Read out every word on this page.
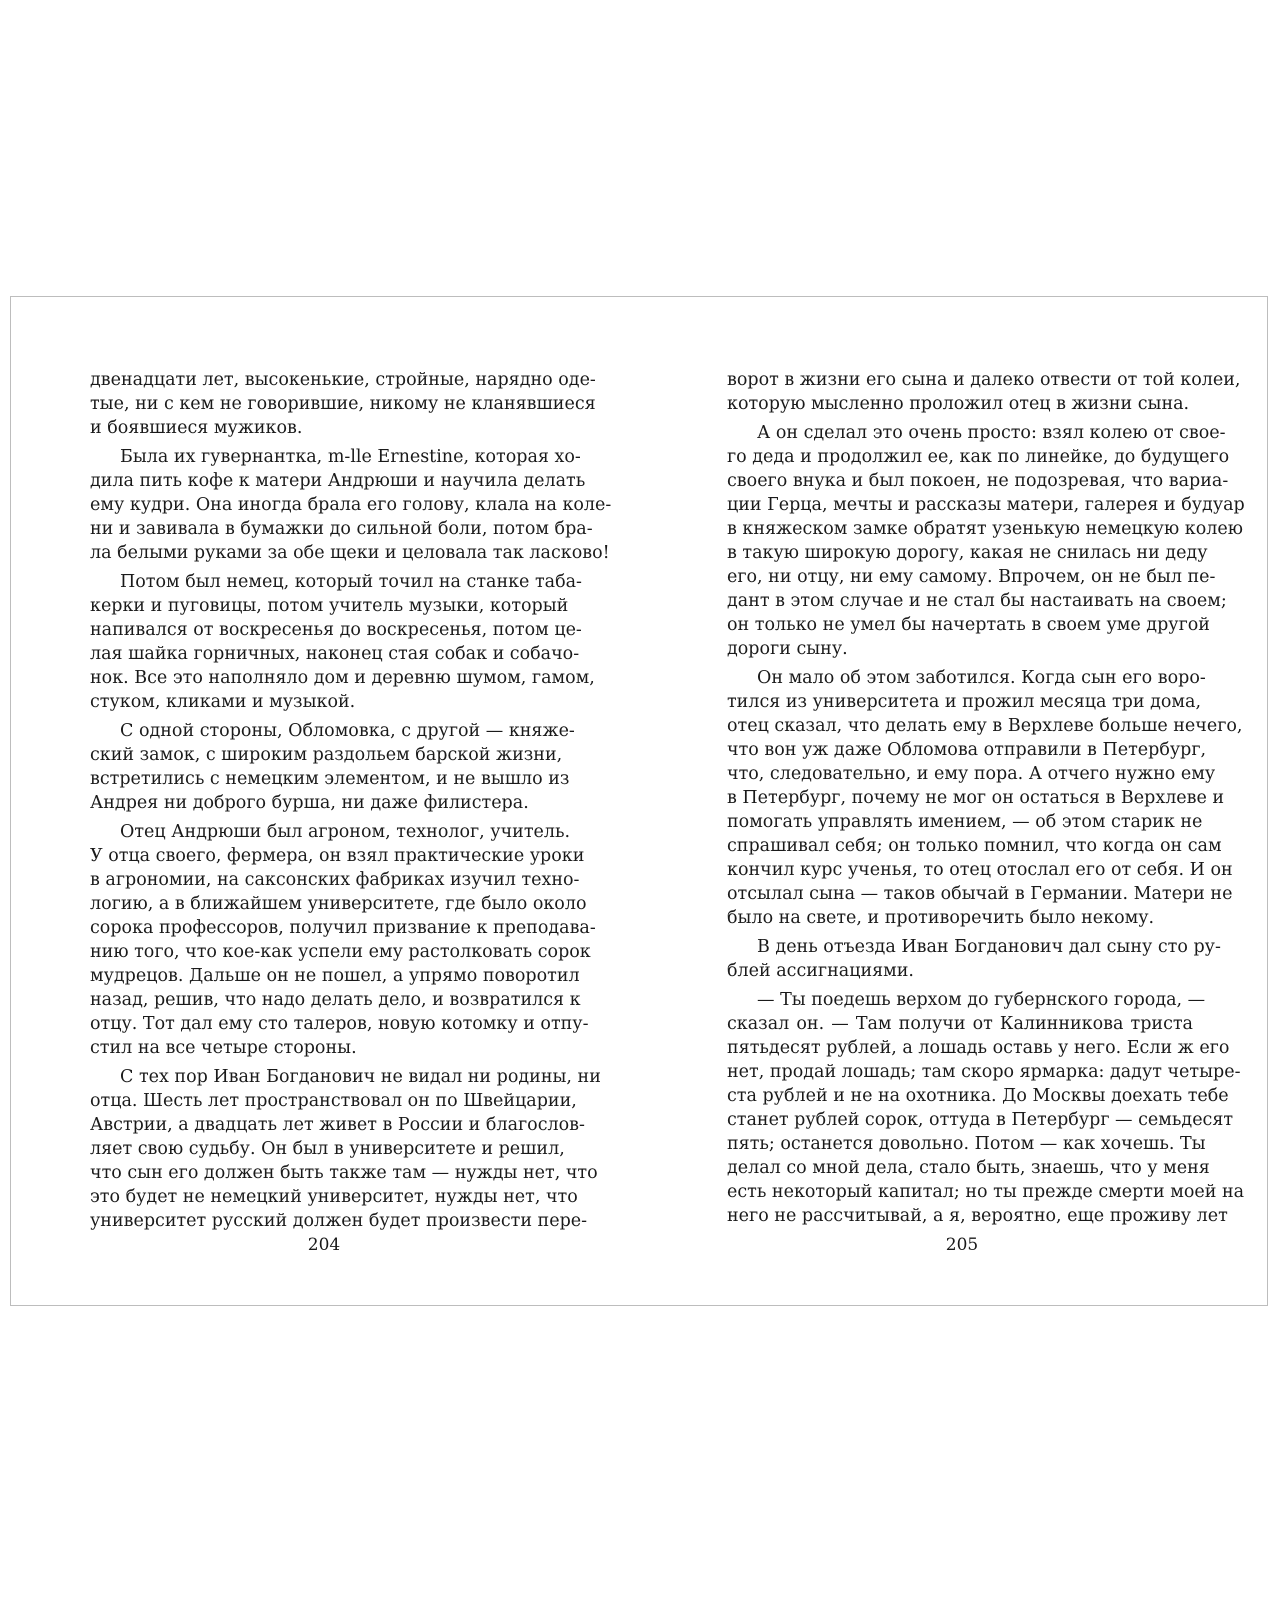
двенадцати лет, высокенькие, стройные, нарядно оде-
тые, ни с кем не говорившие, никому не кланявшиеся
и боявшиеся мужиков.
Была их гувернантка, m-lle Ernestine, которая хо-
дила пить кофе к матери Андрюши и научила делать
ему кудри. Она иногда брала его голову, клала на коле-
ни и завивала в бумажки до сильной боли, потом бра-
ла белыми руками за обе щеки и целовала так ласково!
Потом был немец, который точил на станке таба-
керки и пуговицы, потом учитель музыки, который
напивался от воскресенья до воскресенья, потом це-
лая шайка горничных, наконец стая собак и собачо-
нок. Все это наполняло дом и деревню шумом, гамом,
стуком, кликами и музыкой.
С одной стороны, Обломовка, с другой — княже-
ский замок, с широким раздольем барской жизни,
встретились с немецким элементом, и не вышло из
Андрея ни доброго бурша, ни даже филистера.
Отец Андрюши был агроном, технолог, учитель.
У отца своего, фермера, он взял практические уроки
в агрономии, на саксонских фабриках изучил техно-
логию, а в ближайшем университете, где было около
сорока профессоров, получил призвание к преподава-
нию того, что кое-как успели ему растолковать сорок
мудрецов. Дальше он не пошел, а упрямо поворотил
назад, решив, что надо делать дело, и возвратился к
отцу. Тот дал ему сто талеров, новую котомку и отпу-
стил на все четыре стороны.
С тех пор Иван Богданович не видал ни родины, ни
отца. Шесть лет пространствовал он по Швейцарии,
Австрии, а двадцать лет живет в России и благослов-
ляет свою судьбу. Он был в университете и решил,
что сын его должен быть также там — нужды нет, что
это будет не немецкий университет, нужды нет, что
университет русский должен будет произвести пере-
ворот в жизни его сына и далеко отвести от той колеи,
которую мысленно проложил отец в жизни сына.
А он сделал это очень просто: взял колею от свое-
го деда и продолжил ее, как по линейке, до будущего
своего внука и был покоен, не подозревая, что вариа-
ции Герца, мечты и рассказы матери, галерея и будуар
в княжеском замке обратят узенькую немецкую колею
в такую широкую дорогу, какая не снилась ни деду
его, ни отцу, ни ему самому. Впрочем, он не был пе-
дант в этом случае и не стал бы настаивать на своем;
он только не умел бы начертать в своем уме другой
дороги сыну.
Он мало об этом заботился. Когда сын его воро-
тился из университета и прожил месяца три дома,
отец сказал, что делать ему в Верхлеве больше нечего,
что вон уж даже Обломова отправили в Петербург,
что, следовательно, и ему пора. А отчего нужно ему
в Петербург, почему не мог он остаться в Верхлеве и
помогать управлять имением, — об этом старик не
спрашивал себя; он только помнил, что когда он сам
кончил курс ученья, то отец отослал его от себя. И он
отсылал сына — таков обычай в Германии. Матери не
было на свете, и противоречить было некому.
В день отъезда Иван Богданович дал сыну сто ру-
блей ассигнациями.
— Ты поедешь верхом до губернского города, —
сказал он. — Там получи от Калинникова триста
пятьдесят рублей, а лошадь оставь у него. Если ж его
нет, продай лошадь; там скоро ярмарка: дадут четыре-
ста рублей и не на охотника. До Москвы доехать тебе
станет рублей сорок, оттуда в Петербург — семьдесят
пять; останется довольно. Потом — как хочешь. Ты
делал со мной дела, стало быть, знаешь, что у меня
есть некоторый капитал; но ты прежде смерти моей на
него не рассчитывай, а я, вероятно, еще проживу лет
204	205
